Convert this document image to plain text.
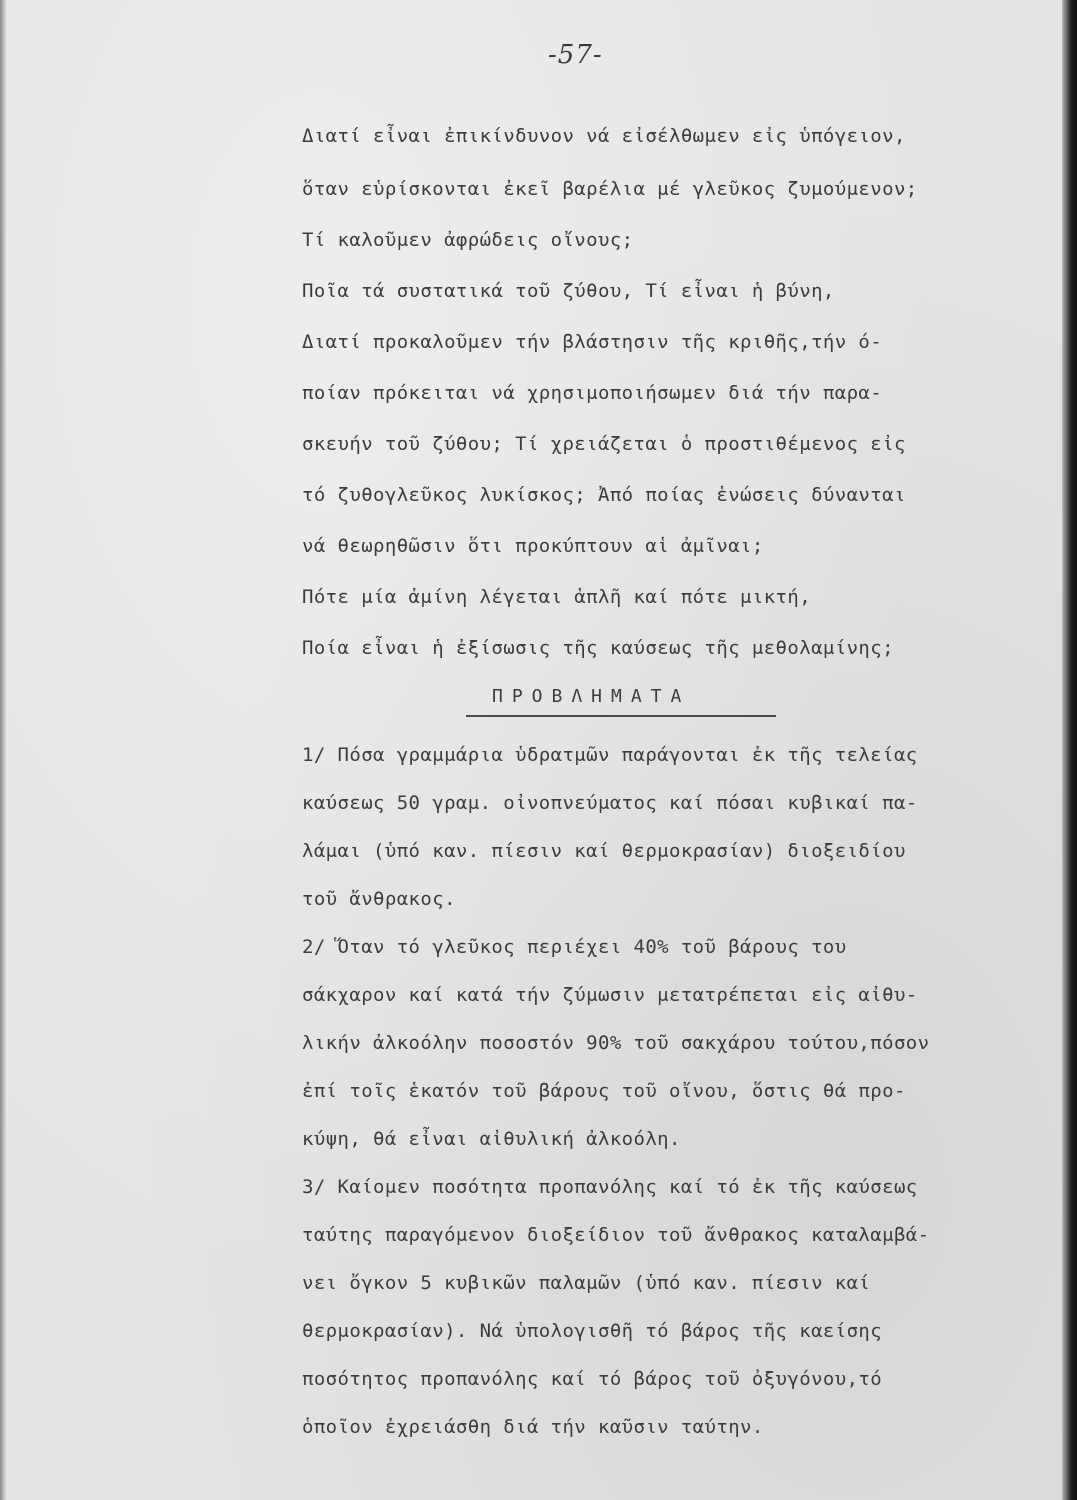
-57-
Διατί εἶναι ἐπικίνδυνον νά εἰσέλθωμεν εἰς ὑπόγειον,
ὅταν εὑρίσκονται ἐκεῖ βαρέλια μέ γλεῦκος ζυμούμενον;
Τί καλοῦμεν ἀφρώδεις οἴνους;
Ποῖα τά συστατικά τοῦ ζύθου, Τί εἶναι ἡ βύνη,
Διατί προκαλοῦμεν τήν βλάστησιν τῆς κριθῆς,τήν ό-
ποίαν πρόκειται νά χρησιμοποιήσωμεν διά τήν παρα-
σκευήν τοῦ ζύθου; Τί χρειάζεται ὁ προστιθέμενος εἰς
τό ζυθογλεῦκος λυκίσκος; Ἀπό ποίας ἑνώσεις δύνανται
νά θεωρηθῶσιν ὅτι προκύπτουν αἱ ἀμῖναι;
Πότε μία ἀμίνη λέγεται ἁπλῆ καί πότε μικτή,
Ποία εἶναι ἡ ἐξίσωσις τῆς καύσεως τῆς μεθολαμίνης;
ΠΡΟΒΛΗΜΑΤΑ
1/ Πόσα γραμμάρια ὑδρατμῶν παράγονται ἐκ τῆς τελείας
καύσεως 50 γραμ. οἰνοπνεύματος καί πόσαι κυβικαί πα-
λάμαι (ὑπό καν. πίεσιν καί θερμοκρασίαν) διοξειδίου
τοῦ ἄνθρακος.
2/ Ὅταν τό γλεῦκος περιέχει 40% τοῦ βάρους του
σάκχαρον καί κατά τήν ζύμωσιν μετατρέπεται εἰς αἰθυ-
λικήν ἀλκοόλην ποσοστόν 90% τοῦ σακχάρου τούτου,πόσον
ἐπί τοῖς ἑκατόν τοῦ βάρους τοῦ οἴνου, ὅστις θά προ-
κύψη, θά εἶναι αἰθυλική ἀλκοόλη.
3/ Καίομεν ποσότητα προπανόλης καί τό ἐκ τῆς καύσεως
ταύτης παραγόμενον διοξείδιον τοῦ ἄνθρακος καταλαμβά-
νει ὄγκον 5 κυβικῶν παλαμῶν (ὑπό καν. πίεσιν καί
θερμοκρασίαν). Νά ὑπολογισθῆ τό βάρος τῆς καείσης
ποσότητος προπανόλης καί τό βάρος τοῦ ὀξυγόνου,τό
ὁποῖον ἐχρειάσθη διά τήν καῦσιν ταύτην.
